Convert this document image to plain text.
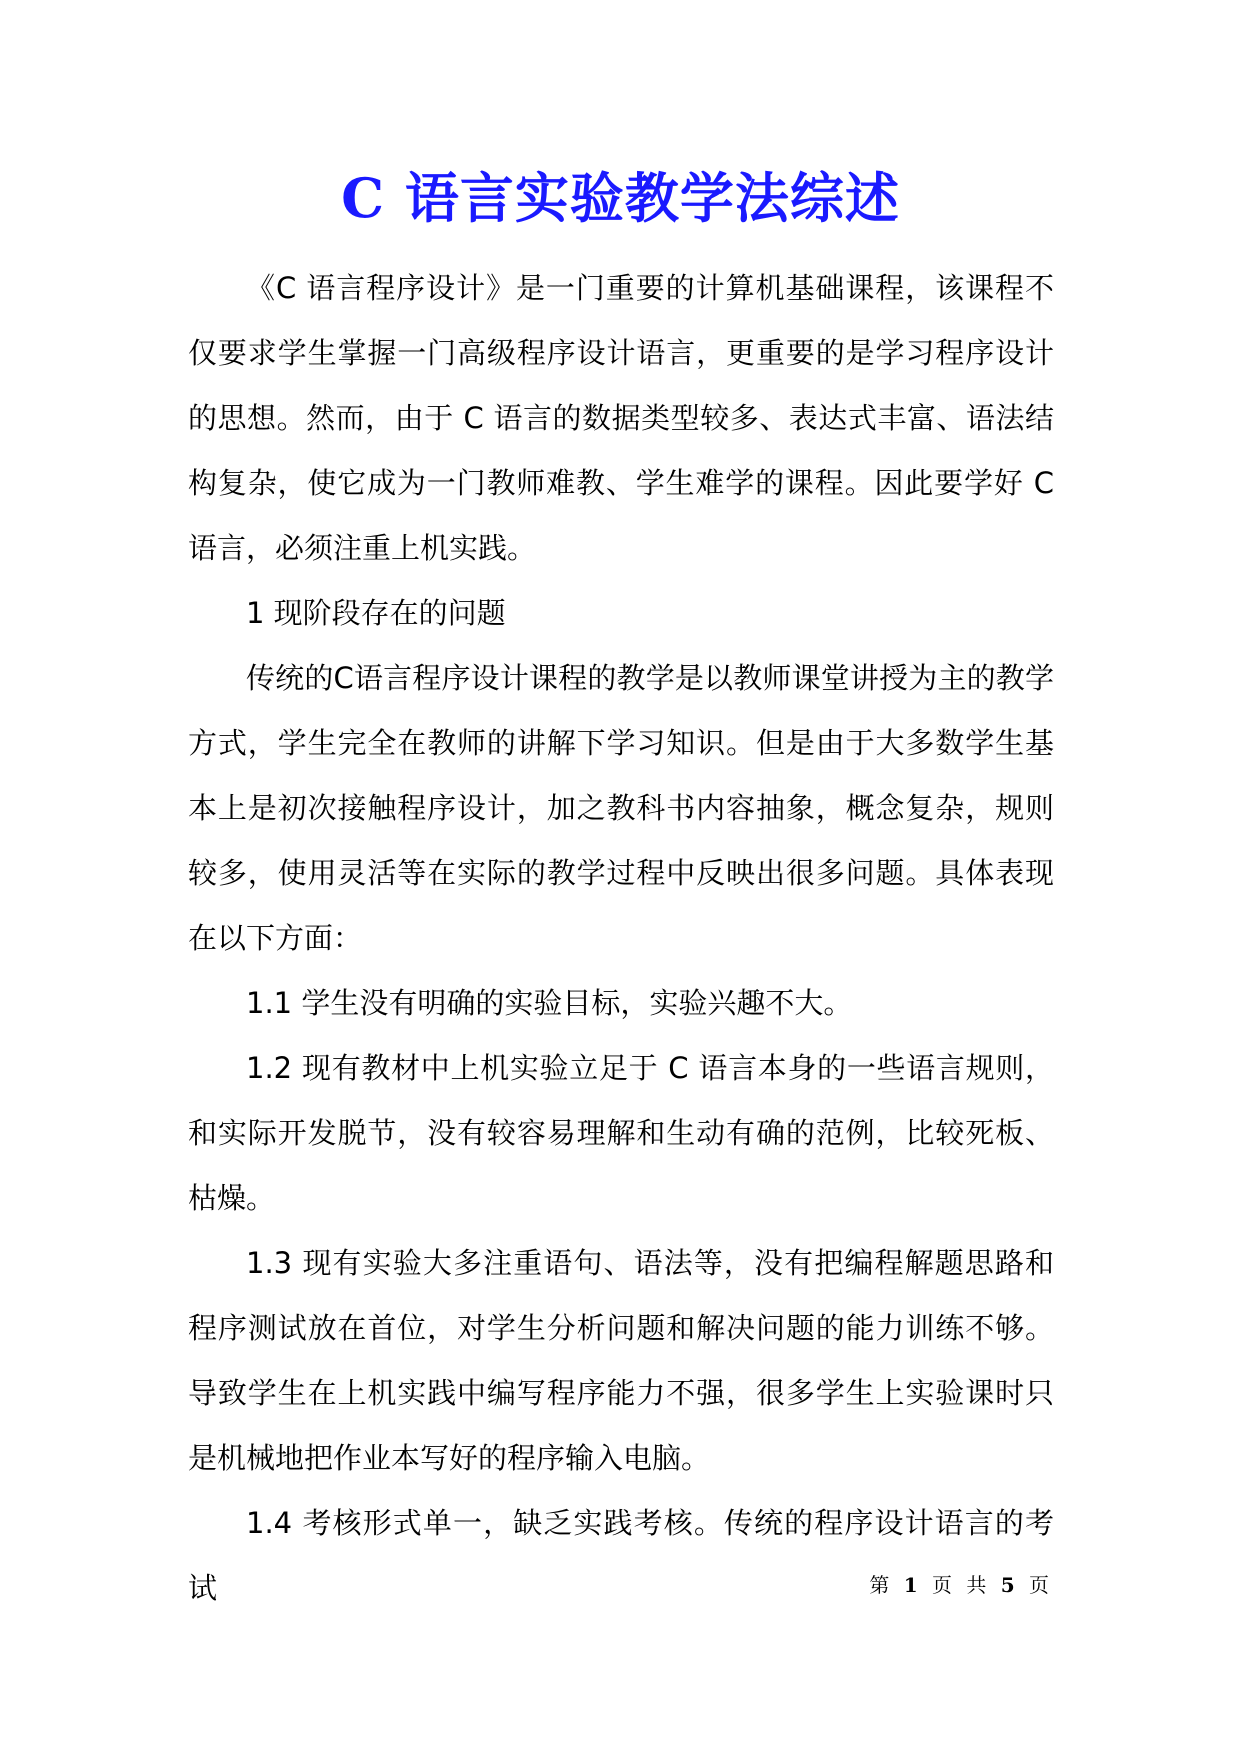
C 语言实验教学法综述

《C 语言程序设计》是一门重要的计算机基础课程，该课程不仅要求学生掌握一门高级程序设计语言，更重要的是学习程序设计的思想。然而，由于 C 语言的数据类型较多、表达式丰富、语法结构复杂，使它成为一门教师难教、学生难学的课程。因此要学好 C 语言，必须注重上机实践。

1 现阶段存在的问题

传统的C语言程序设计课程的教学是以教师课堂讲授为主的教学方式，学生完全在教师的讲解下学习知识。但是由于大多数学生基本上是初次接触程序设计，加之教科书内容抽象，概念复杂，规则较多，使用灵活等在实际的教学过程中反映出很多问题。具体表现在以下方面：

1.1 学生没有明确的实验目标，实验兴趣不大。

1.2 现有教材中上机实验立足于 C 语言本身的一些语言规则，和实际开发脱节，没有较容易理解和生动有确的范例，比较死板、枯燥。

1.3 现有实验大多注重语句、语法等，没有把编程解题思路和程序测试放在首位，对学生分析问题和解决问题的能力训练不够。导致学生在上机实践中编写程序能力不强，很多学生上实验课时只是机械地把作业本写好的程序输入电脑。

1.4 考核形式单一，缺乏实践考核。传统的程序设计语言的考试	第 1 页 共 5 页
